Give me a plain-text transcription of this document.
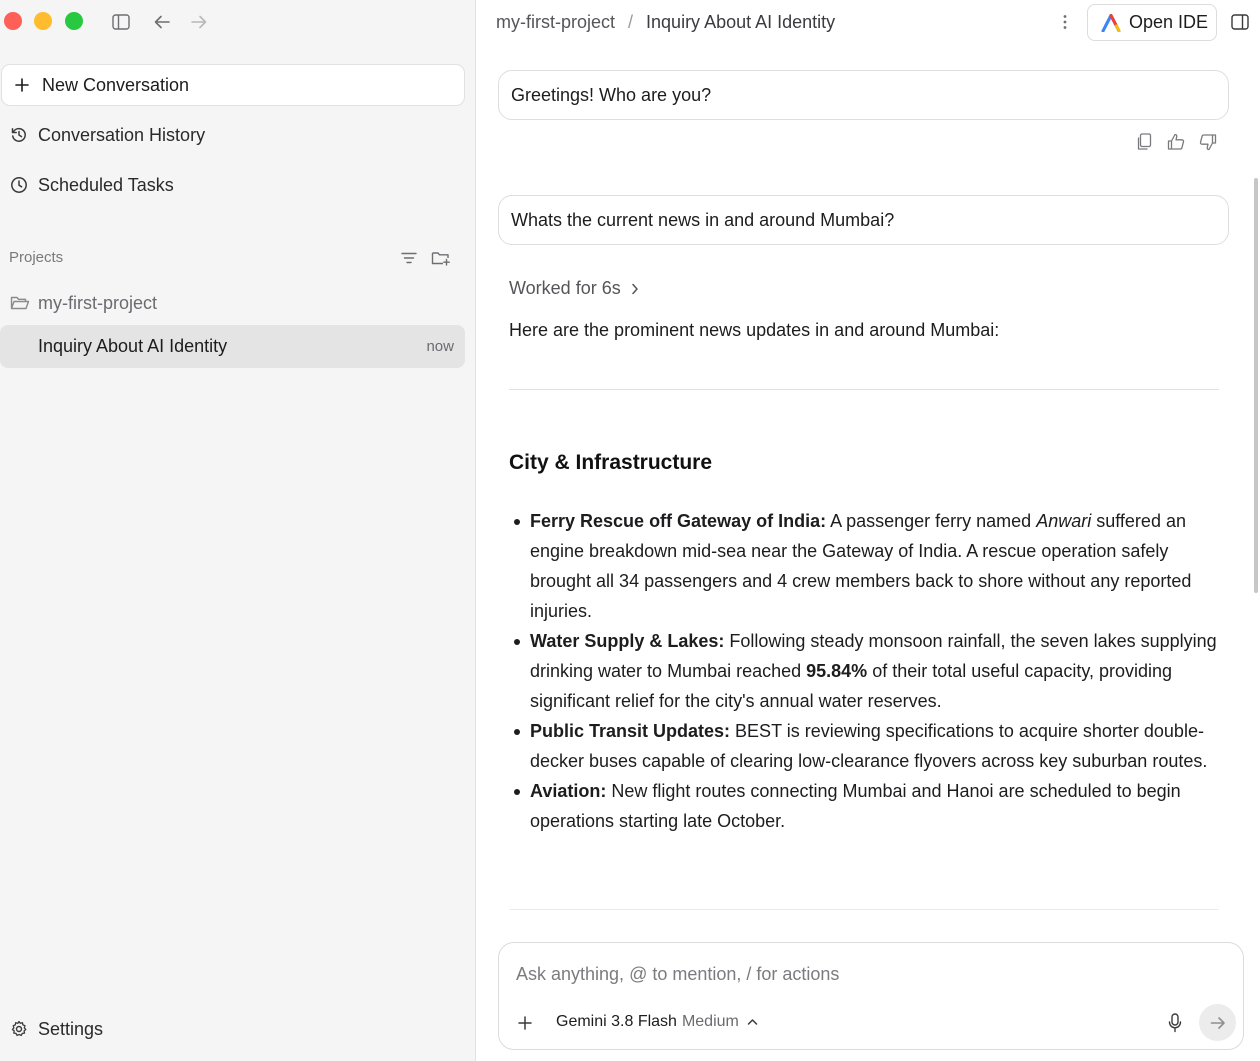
New Conversation
Conversation History
Scheduled Tasks
Projects
my-first-project
Inquiry About AI Identity	now
Settings
my-first-project / Inquiry About AI Identity	Open IDE
Greetings! Who are you?
Whats the current news in and around Mumbai?
Worked for 6s
Here are the prominent news updates in and around Mumbai:
City & Infrastructure
Ferry Rescue off Gateway of India: A passenger ferry named Anwari suffered an engine breakdown mid-sea near the Gateway of India. A rescue operation safely brought all 34 passengers and 4 crew members back to shore without any reported injuries.
Water Supply & Lakes: Following steady monsoon rainfall, the seven lakes supplying drinking water to Mumbai reached 95.84% of their total useful capacity, providing significant relief for the city's annual water reserves.
Public Transit Updates: BEST is reviewing specifications to acquire shorter double-decker buses capable of clearing low-clearance flyovers across key suburban routes.
Aviation: New flight routes connecting Mumbai and Hanoi are scheduled to begin operations starting late October.
Ask anything, @ to mention, / for actions
Gemini 3.8 Flash Medium
